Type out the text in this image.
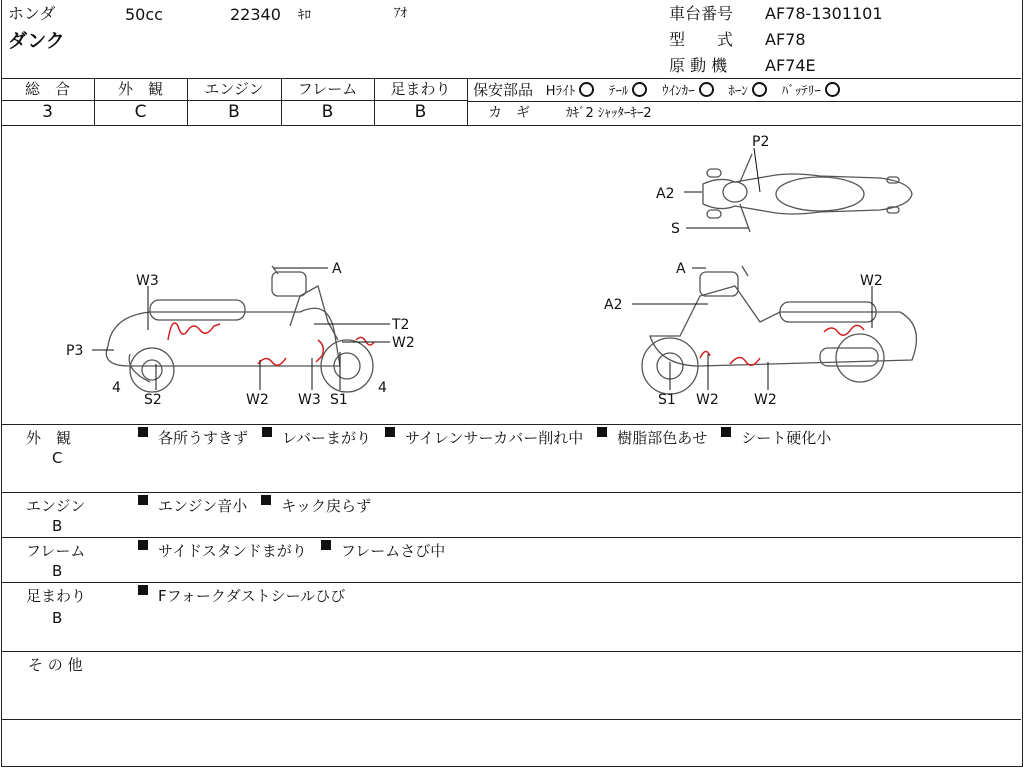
ホンダ	50cc	22340 ｷﾛ	ｱｵ
ダンク
車台番号 AF78-1301101
型　　式 AF78
原 動 機 AF74E
総　合	外　観	エンジン	フレーム	足まわり
3	C	B	B	B
保安部品 Hﾗｲﾄ	ﾃｰﾙ	ｳｲﾝｶｰ	ﾎｰﾝ	ﾊﾞｯﾃﾘｰ
カ　ギ	ｶｷﾞ2 ｼｬｯﾀｰｷｰ2
P2
A2
S
A
W3
T2
W2
P3
4
S2	W2 W3 S1
4
A
W2
A2
S1 W2	W2
外　観
C
各所うすきず レバーまがり サイレンサーカバー削れ中 樹脂部色あせ シート硬化小
エンジン
B
エンジン音小 キック戻らず
フレーム
B
サイドスタンドまがり フレームさび中
足まわり
B
Fフォークダストシールひび
そ の 他
